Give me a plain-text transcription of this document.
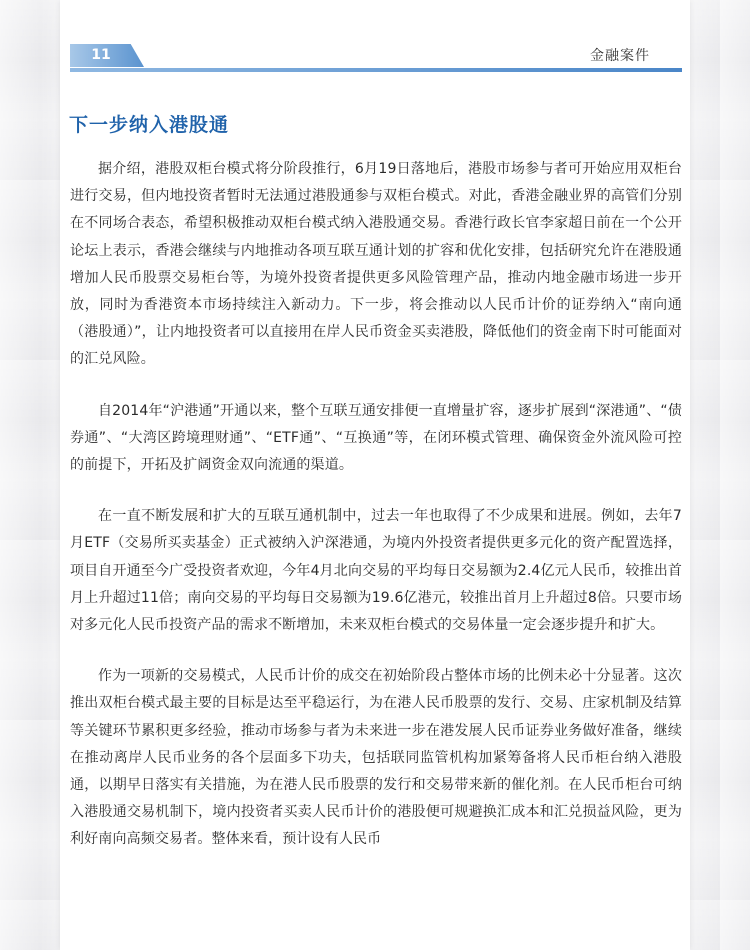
11	金融案件
下一步纳入港股通

据介绍，港股双柜台模式将分阶段推行，6月19日落地后，港股市场参与者可开始应用双柜台进行交易，但内地投资者暂时无法通过港股通参与双柜台模式。对此，香港金融业界的高管们分别在不同场合表态，希望积极推动双柜台模式纳入港股通交易。香港行政长官李家超日前在一个公开论坛上表示，香港会继续与内地推动各项互联互通计划的扩容和优化安排，包括研究允许在港股通增加人民币股票交易柜台等，为境外投资者提供更多风险管理产品，推动内地金融市场进一步开放，同时为香港资本市场持续注入新动力。下一步，将会推动以人民币计价的证券纳入“南向通（港股通）”，让内地投资者可以直接用在岸人民币资金买卖港股，降低他们的资金南下时可能面对的汇兑风险。

自2014年“沪港通”开通以来，整个互联互通安排便一直增量扩容，逐步扩展到“深港通”、“债券通”、“大湾区跨境理财通”、“ETF通”、“互换通”等，在闭环模式管理、确保资金外流风险可控的前提下，开拓及扩阔资金双向流通的渠道。

在一直不断发展和扩大的互联互通机制中，过去一年也取得了不少成果和进展。例如，去年7月ETF（交易所买卖基金）正式被纳入沪深港通，为境内外投资者提供更多元化的资产配置选择，项目自开通至今广受投资者欢迎，今年4月北向交易的平均每日交易额为2.4亿元人民币，较推出首月上升超过11倍；南向交易的平均每日交易额为19.6亿港元，较推出首月上升超过8倍。只要市场对多元化人民币投资产品的需求不断增加，未来双柜台模式的交易体量一定会逐步提升和扩大。

作为一项新的交易模式，人民币计价的成交在初始阶段占整体市场的比例未必十分显著。这次推出双柜台模式最主要的目标是达至平稳运行，为在港人民币股票的发行、交易、庄家机制及结算等关键环节累积更多经验，推动市场参与者为未来进一步在港发展人民币证券业务做好准备，继续在推动离岸人民币业务的各个层面多下功夫，包括联同监管机构加紧筹备将人民币柜台纳入港股通，以期早日落实有关措施，为在港人民币股票的发行和交易带来新的催化剂。在人民币柜台可纳入港股通交易机制下，境内投资者买卖人民币计价的港股便可规避换汇成本和汇兑损益风险，更为利好南向高频交易者。整体来看，预计设有人民币
